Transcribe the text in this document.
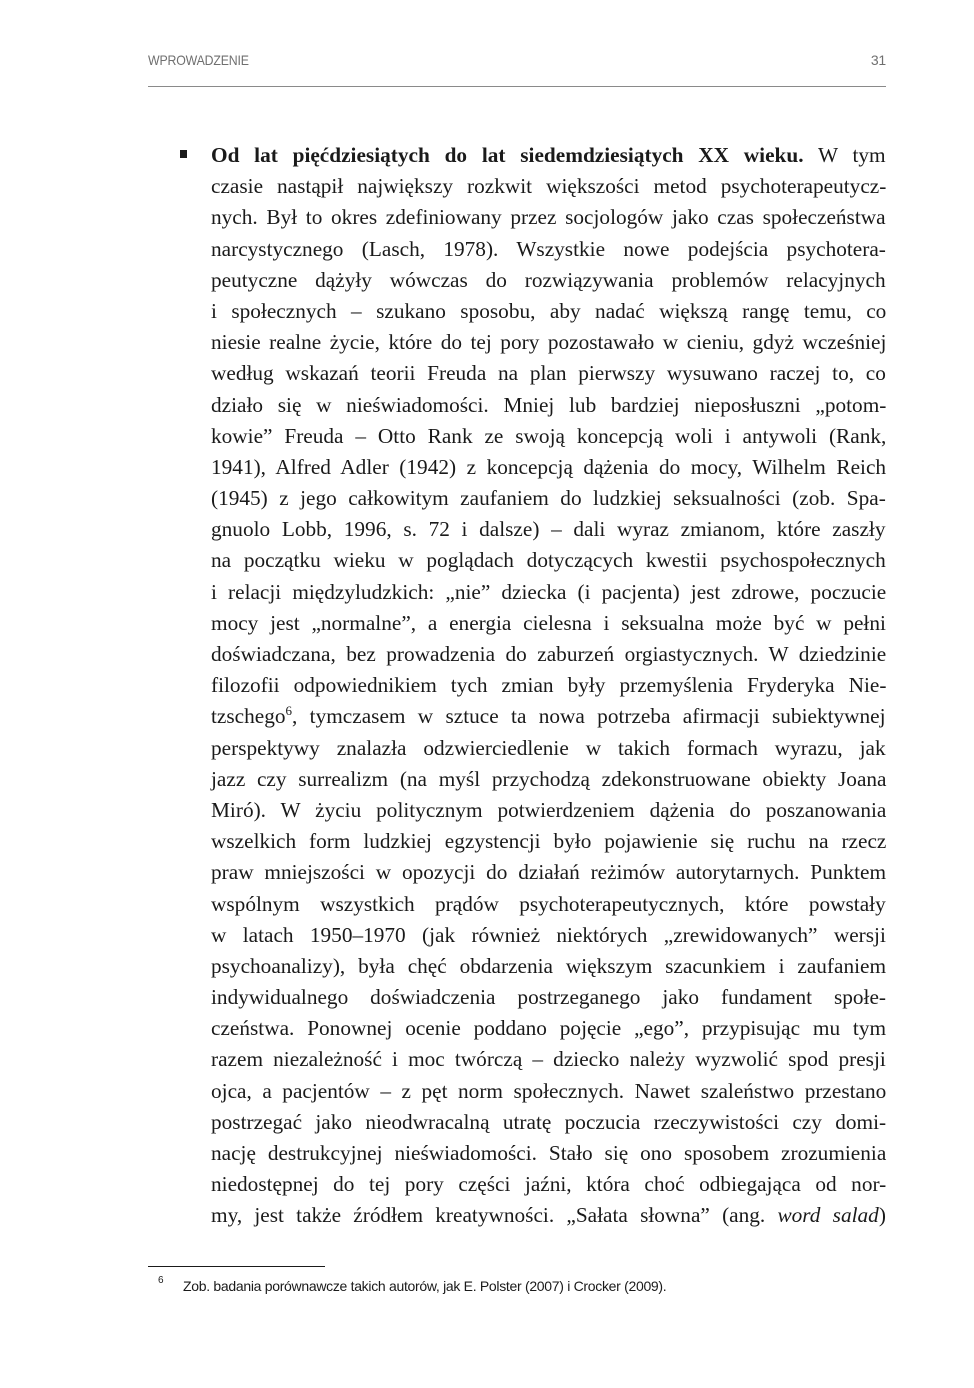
WPROWADZENIE	31
Od lat pięćdziesiątych do lat siedemdziesiątych XX wieku. W tym
czasie nastąpił największy rozkwit większości metod psychoterapeutycz-
nych. Był to okres zdefiniowany przez socjologów jako czas społeczeństwa
narcystycznego (Lasch, 1978). Wszystkie nowe podejścia psychotera-
peutyczne dążyły wówczas do rozwiązywania problemów relacyjnych
i społecznych – szukano sposobu, aby nadać większą rangę temu, co
niesie realne życie, które do tej pory pozostawało w cieniu, gdyż wcześniej
według wskazań teorii Freuda na plan pierwszy wysuwano raczej to, co
działo się w nieświadomości. Mniej lub bardziej nieposłuszni „potom-
kowie” Freuda – Otto Rank ze swoją koncepcją woli i antywoli (Rank,
1941), Alfred Adler (1942) z koncepcją dążenia do mocy, Wilhelm Reich
(1945) z jego całkowitym zaufaniem do ludzkiej seksualności (zob. Spa-
gnuolo Lobb, 1996, s. 72 i dalsze) – dali wyraz zmianom, które zaszły
na początku wieku w poglądach dotyczących kwestii psychospołecznych
i relacji międzyludzkich: „nie” dziecka (i pacjenta) jest zdrowe, poczucie
mocy jest „normalne”, a energia cielesna i seksualna może być w pełni
doświadczana, bez prowadzenia do zaburzeń orgiastycznych. W dziedzinie
filozofii odpowiednikiem tych zmian były przemyślenia Fryderyka Nie-
tzschego$^6$, tymczasem w sztuce ta nowa potrzeba afirmacji subiektywnej
perspektywy znalazła odzwierciedlenie w takich formach wyrazu, jak
jazz czy surrealizm (na myśl przychodzą zdekonstruowane obiekty Joana
Miró). W życiu politycznym potwierdzeniem dążenia do poszanowania
wszelkich form ludzkiej egzystencji było pojawienie się ruchu na rzecz
praw mniejszości w opozycji do działań reżimów autorytarnych. Punktem
wspólnym wszystkich prądów psychoterapeutycznych, które powstały
w latach 1950–1970 (jak również niektórych „zrewidowanych” wersji
psychoanalizy), była chęć obdarzenia większym szacunkiem i zaufaniem
indywidualnego doświadczenia postrzeganego jako fundament społe-
czeństwa. Ponownej ocenie poddano pojęcie „ego”, przypisując mu tym
razem niezależność i moc twórczą – dziecko należy wyzwolić spod presji
ojca, a pacjentów – z pęt norm społecznych. Nawet szaleństwo przestano
postrzegać jako nieodwracalną utratę poczucia rzeczywistości czy domi-
nację destrukcyjnej nieświadomości. Stało się ono sposobem zrozumienia
niedostępnej do tej pory części jaźni, która choć odbiegająca od nor-
my, jest także źródłem kreatywności. „Sałata słowna” (ang. word salad)
6 Zob. badania porównawcze takich autorów, jak E. Polster (2007) i Crocker (2009).
